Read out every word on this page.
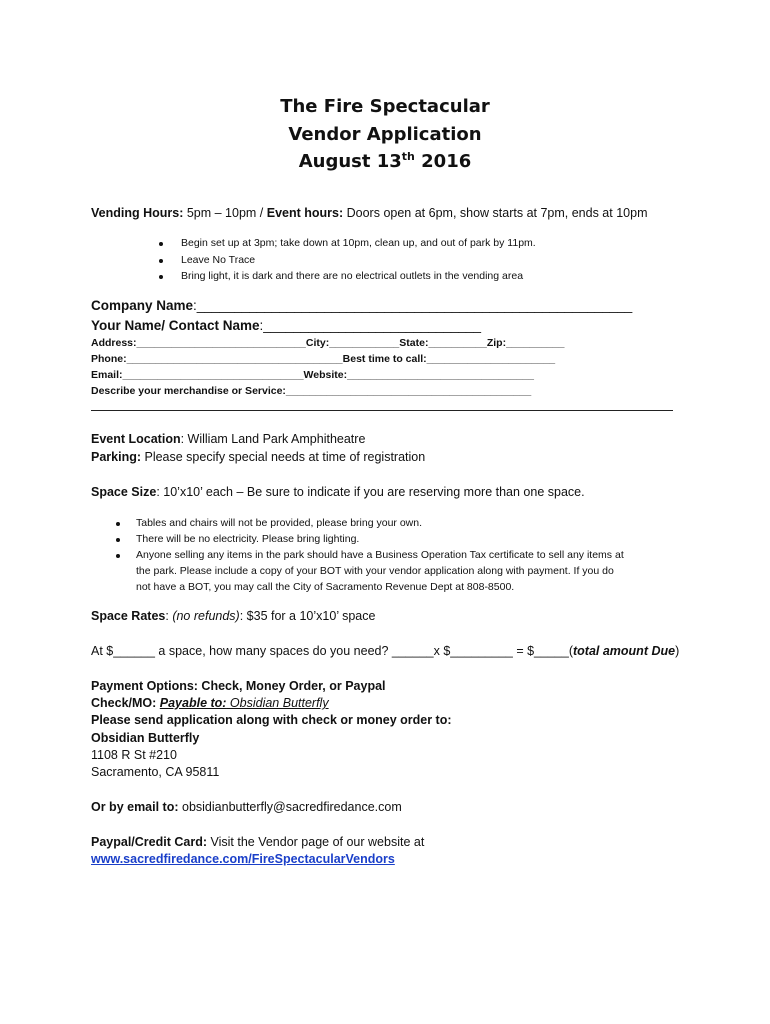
The Fire Spectacular
Vendor Application
August 13th 2016
Vending Hours: 5pm – 10pm / Event hours: Doors open at 6pm, show starts at 7pm, ends at 10pm
Begin set up at 3pm; take down at 10pm, clean up, and out of park by 11pm.
Leave No Trace
Bring light, it is dark and there are no electrical outlets in the vending area
Company Name:__________________________________________________________
Your Name/ Contact Name:_____________________________
Address:_____________________________City:____________State:__________Zip:__________
Phone:_____________________________________Best time to call:______________________
Email:_______________________________Website:________________________________
Describe your merchandise or Service:__________________________________________
Event Location: William Land Park Amphitheatre
Parking: Please specify special needs at time of registration
Space Size: 10’x10’ each – Be sure to indicate if you are reserving more than one space.
Tables and chairs will not be provided, please bring your own.
There will be no electricity. Please bring lighting.
Anyone selling any items in the park should have a Business Operation Tax certificate to sell any items at
the park. Please include a copy of your BOT with your vendor application along with payment. If you do
not have a BOT, you may call the City of Sacramento Revenue Dept at 808-8500.
Space Rates: (no refunds): $35 for a 10’x10’ space
At $______ a space, how many spaces do you need? ______x $_________ = $_____(total amount Due)
Payment Options: Check, Money Order, or Paypal
Check/MO: Payable to: Obsidian Butterfly
Please send application along with check or money order to:
Obsidian Butterfly
1108 R St #210
Sacramento, CA 95811
Or by email to: obsidianbutterfly@sacredfiredance.com
Paypal/Credit Card: Visit the Vendor page of our website at
www.sacredfiredance.com/FireSpectacularVendors
